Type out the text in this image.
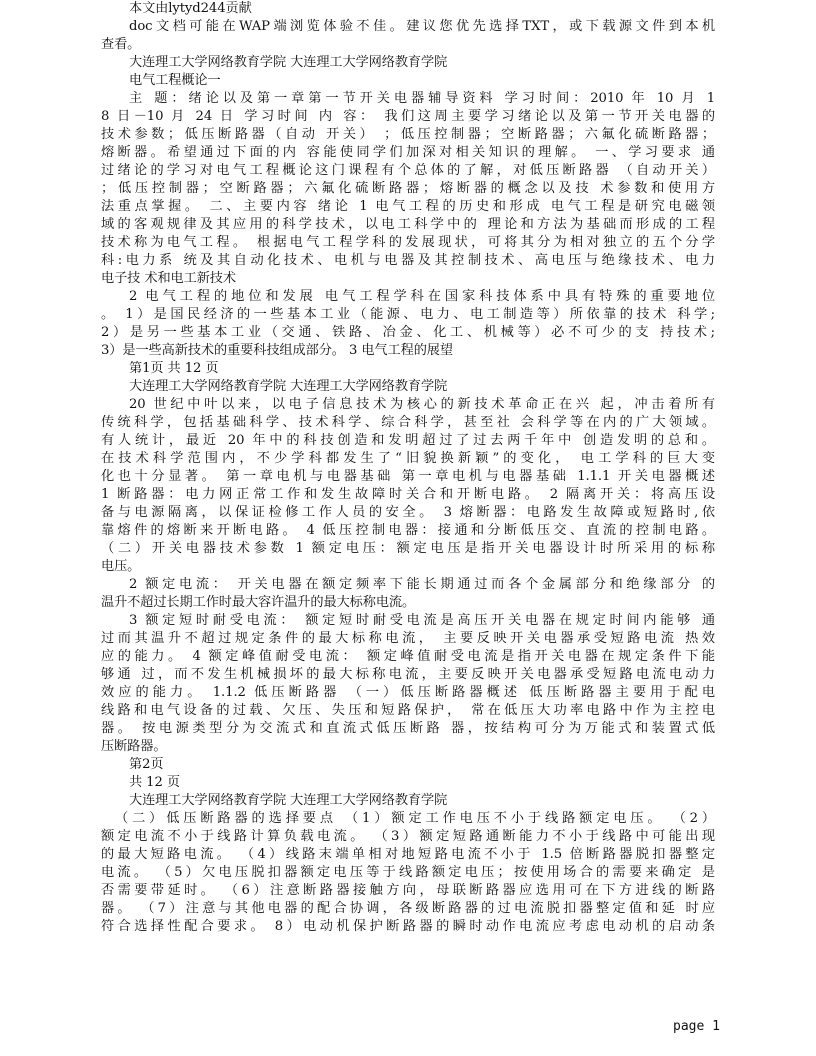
本文由lytyd244贡献
doc文档可能在WAP端浏览体验不佳。建议您优先选择TXT，或下载源文件到本机
查看。
大连理工大学网络教育学院 大连理工大学网络教育学院
电气工程概论一
主 题：绪论以及第一章第一节开关电器辅导资料 学习时间：2010 年 10 月 1
8 日－10 月 24 日 学习时间 内 容： 我们这周主要学习绪论以及第一节开关电器的
技术参数；低压断路器（自动 开关） ；低压控制器；空断路器；六氟化硫断路器；
熔断器。希望通过下面的内 容能使同学们加深对相关知识的理解。 一、学习要求 通
过绪论的学习对电气工程概论这门课程有个总体的了解，对低压断路器 （自动开关）
；低压控制器；空断路器；六氟化硫断路器；熔断器的概念以及技 术参数和使用方
法重点掌握。 二、主要内容 绪论 1 电气工程的历史和形成 电气工程是研究电磁领
域的客观规律及其应用的科学技术，以电工科学中的 理论和方法为基础而形成的工程
技术称为电气工程。 根据电气工程学科的发展现状，可将其分为相对独立的五个分学
科:电力系 统及其自动化技术、电机与电器及其控制技术、高电压与绝缘技术、电力
电子技 术和电工新技术
2 电气工程的地位和发展 电气工程学科在国家科技体系中具有特殊的重要地位
。 1）是国民经济的一些基本工业（能源、电力、电工制造等）所依靠的技术 科学;
2）是另一些基本工业（交通、铁路、冶金、化工、机械等）必不可少的支 持技术;
3）是一些高新技术的重要科技组成部分。 3 电气工程的展望
第1页 共 12 页
大连理工大学网络教育学院 大连理工大学网络教育学院
20 世纪中叶以来，以电子信息技术为核心的新技术革命正在兴 起，冲击着所有
传统科学，包括基础科学、技术科学、综合科学，甚至社 会科学等在内的广大领域。
有人统计，最近 20 年中的科技创造和发明超过了过去两千年中 创造发明的总和。
在技术科学范围内，不少学科都发生了“旧貌换新颖”的变化， 电工学科的巨大变
化也十分显著。 第一章电机与电器基础 第一章电机与电器基础 1.1.1 开关电器概述
1 断路器：电力网正常工作和发生故障时关合和开断电路。 2 隔离开关：将高压设
备与电源隔离，以保证检修工作人员的安全。 3 熔断器：电路发生故障或短路时,依
靠熔件的熔断来开断电路。 4 低压控制电器：接通和分断低压交、直流的控制电路。
（二）开关电器技术参数 1 额定电压：额定电压是指开关电器设计时所采用的标称
电压。
2 额定电流： 开关电器在额定频率下能长期通过而各个金属部分和绝缘部分 的
温升不超过长期工作时最大容许温升的最大标称电流。
3 额定短时耐受电流： 额定短时耐受电流是高压开关电器在规定时间内能够 通
过而其温升不超过规定条件的最大标称电流， 主要反映开关电器承受短路电流 热效
应的能力。 4 额定峰值耐受电流： 额定峰值耐受电流是指开关电器在规定条件下能
够通 过，而不发生机械损坏的最大标称电流，主要反映开关电器承受短路电流电动力
效应的能力。 1.1.2 低压断路器 （一）低压断路器概述 低压断路器主要用于配电
线路和电气设备的过载、欠压、失压和短路保护， 常在低压大功率电路中作为主控电
器。 按电源类型分为交流式和直流式低压断路 器，按结构可分为万能式和装置式低
压断路器。
第2页
共 12 页
大连理工大学网络教育学院 大连理工大学网络教育学院
（二）低压断路器的选择要点 （1）额定工作电压不小于线路额定电压。 （2）
额定电流不小于线路计算负载电流。 （3）额定短路通断能力不小于线路中可能出现
的最大短路电流。 （4）线路末端单相对地短路电流不小于 1.5 倍断路器脱扣器整定
电流。 （5）欠电压脱扣器额定电压等于线路额定电压；按使用场合的需要来确定 是
否需要带延时。 （6）注意断路器接触方向，母联断路器应选用可在下方进线的断路
器。 （7）注意与其他电器的配合协调，各级断路器的过电流脱扣器整定值和延 时应
符合选择性配合要求。 8）电动机保护断路器的瞬时动作电流应考虑电动机的启动条
page 1
